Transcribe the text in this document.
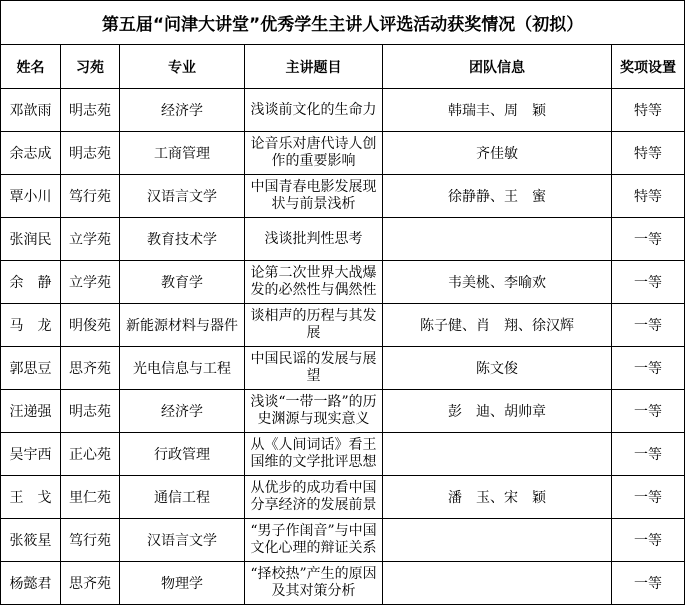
第五届“问津大讲堂”优秀学生主讲人评选活动获奖情况（初拟）					
姓名	习苑	专业	主讲题目	团队信息	奖项设置
邓歆雨	明志苑	经济学	浅谈前文化的生命力	韩瑞丰、周　颖	特等
余志成	明志苑	工商管理	论音乐对唐代诗人创作的重要影响	齐佳敏	特等
覃小川	笃行苑	汉语言文学	中国青春电影发展现状与前景浅析	徐静静、王　蜜	特等
张润民	立学苑	教育技术学	浅谈批判性思考		一等
余　静	立学苑	教育学	论第二次世界大战爆发的必然性与偶然性	韦美桃、李喻欢	一等
马　龙	明俊苑	新能源材料与器件	谈相声的历程与其发展	陈子健、肖　翔、徐汉辉	一等
郭思豆	思齐苑	光电信息与工程	中国民谣的发展与展望	陈文俊	一等
汪递强	明志苑	经济学	浅谈“一带一路”的历史渊源与现实意义	彭　迪、胡帅章	一等
吴宇西	正心苑	行政管理	从《人间词话》看王国维的文学批评思想		一等
王　戈	里仁苑	通信工程	从优步的成功看中国分享经济的发展前景	潘　玉、宋　颖	一等
张筱星	笃行苑	汉语言文学	“男子作闺音”与中国文化心理的辩证关系		一等
杨懿君	思齐苑	物理学	“择校热”产生的原因及其对策分析		一等
